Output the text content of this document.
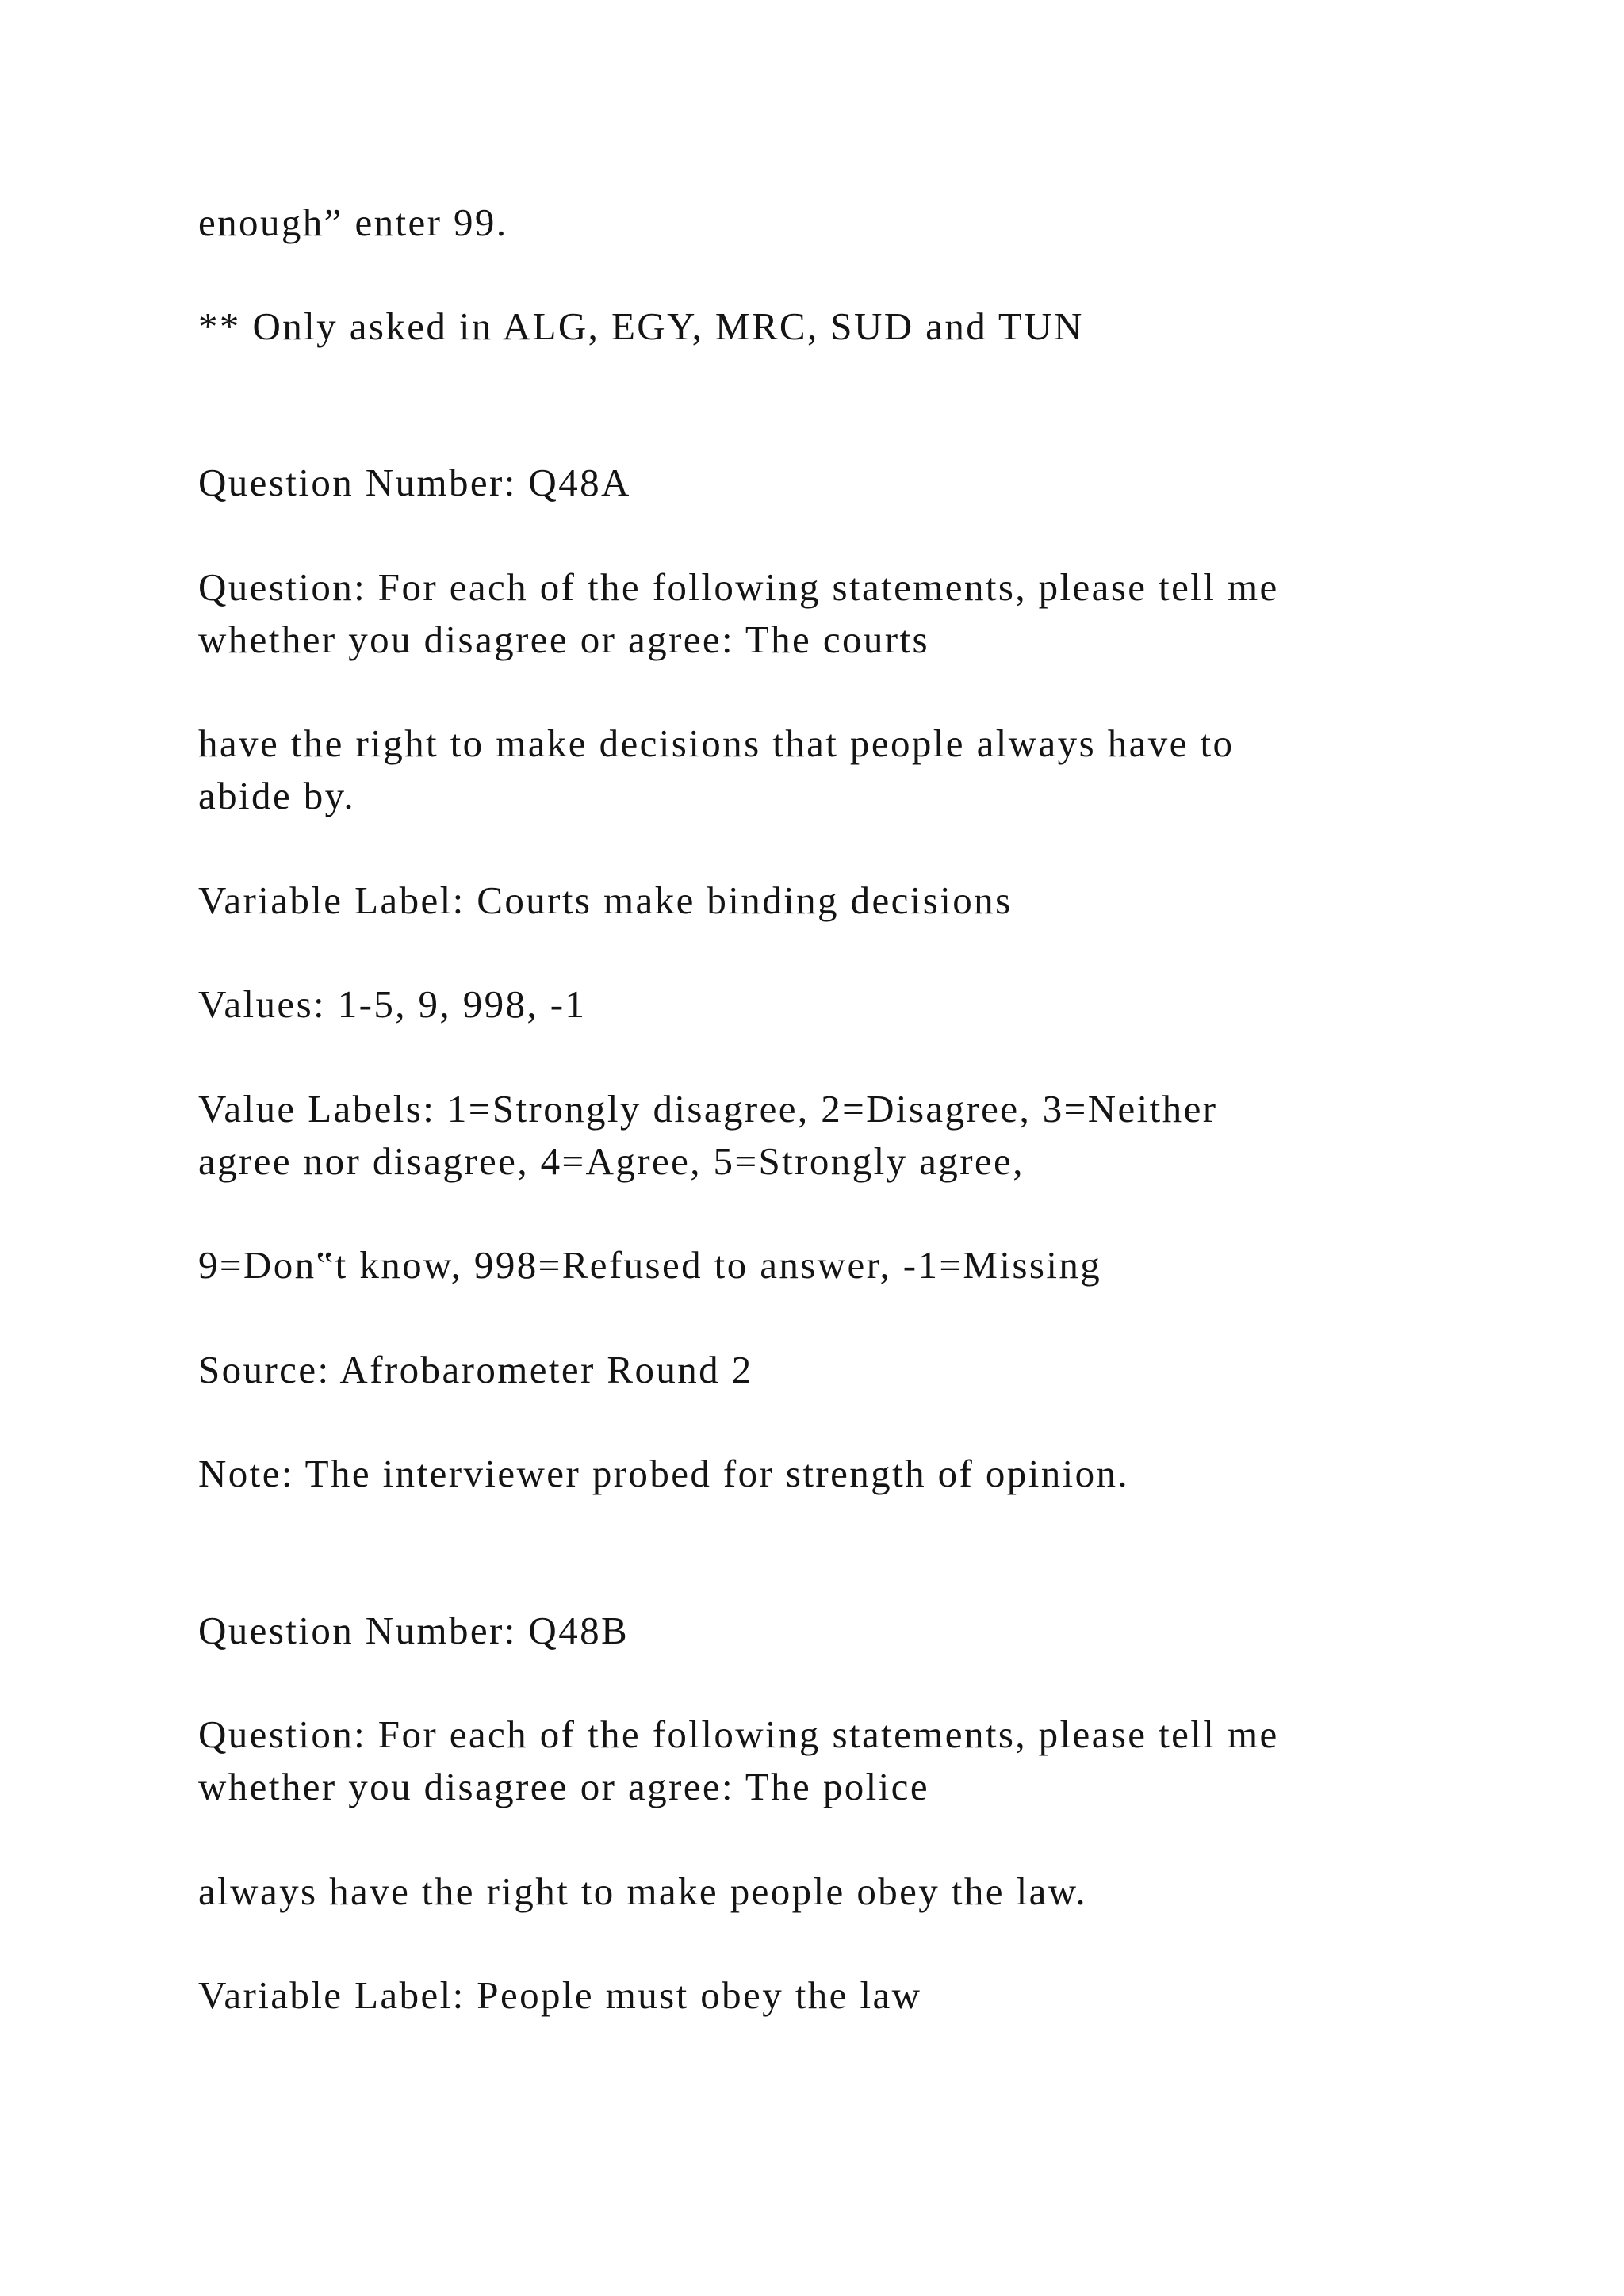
enough” enter 99.

** Only asked in ALG, EGY, MRC, SUD and TUN

Question Number: Q48A

Question: For each of the following statements, please tell me

whether you disagree or agree: The courts

have the right to make decisions that people always have to

abide by.

Variable Label: Courts make binding decisions

Values: 1-5, 9, 998, -1

Value Labels: 1=Strongly disagree, 2=Disagree, 3=Neither

agree nor disagree, 4=Agree, 5=Strongly agree,

9=Don‟t know, 998=Refused to answer, -1=Missing

Source: Afrobarometer Round 2

Note: The interviewer probed for strength of opinion.

Question Number: Q48B

Question: For each of the following statements, please tell me

whether you disagree or agree: The police

always have the right to make people obey the law.

Variable Label: People must obey the law
